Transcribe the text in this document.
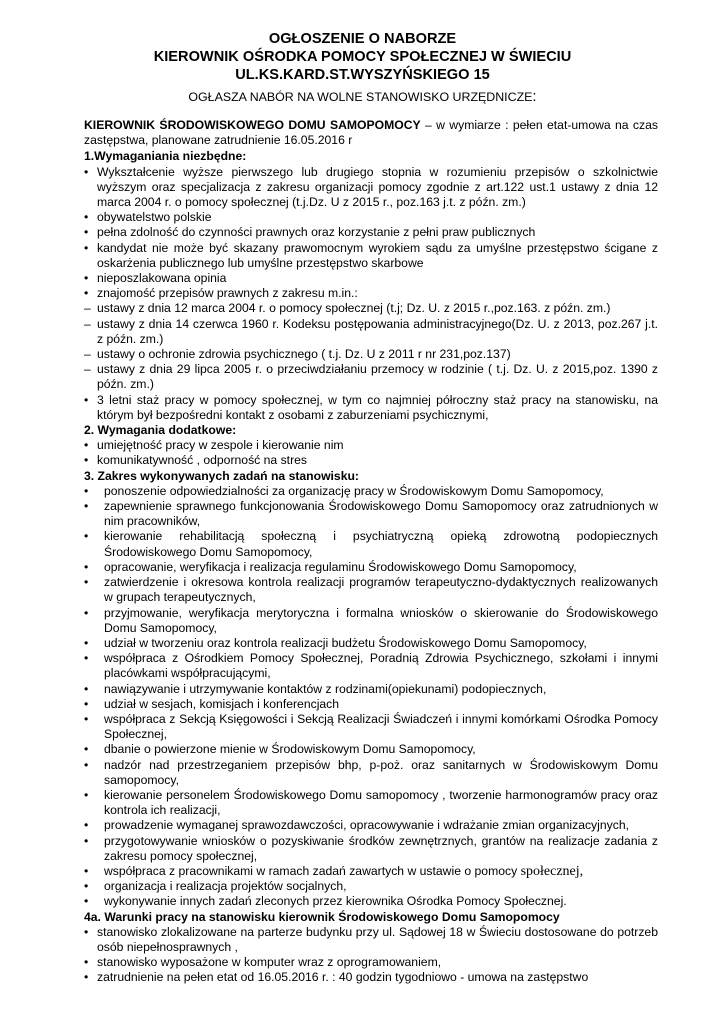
OGŁOSZENIE O NABORZE

KIEROWNIK OŚRODKA POMOCY SPOŁECZNEJ W ŚWIECIU

UL.KS.KARD.ST.WYSZYŃSKIEGO 15

OGŁASZA NABÓR NA WOLNE STANOWISKO URZĘDNICZE:
KIEROWNIK ŚRODOWISKOWEGO DOMU SAMOPOMOCY – w wymiarze : pełen etat-umowa na czas zastępstwa, planowane zatrudnienie 16.05.2016 r

1.Wymaganiania niezbędne:

• Wykształcenie wyższe pierwszego lub drugiego stopnia w rozumieniu przepisów o szkolnictwie wyższym oraz specjalizacja z zakresu organizacji pomocy zgodnie z art.122 ust.1 ustawy z dnia 12 marca 2004 r. o pomocy społecznej (t.j.Dz. U z 2015 r., poz.163 j.t. z późn. zm.)
• obywatelstwo polskie
• pełna zdolność do czynności prawnych oraz korzystanie z pełni praw publicznych
• kandydat nie może być skazany prawomocnym wyrokiem sądu za umyślne przestępstwo ścigane z oskarżenia publicznego lub umyślne przestępstwo skarbowe
• nieposzlakowana opinia
• znajomość przepisów prawnych z zakresu m.in.:
– ustawy z dnia 12 marca 2004 r. o pomocy społecznej (t.j; Dz. U. z 2015 r.,poz.163. z późn. zm.)
– ustawy z dnia 14 czerwca 1960 r. Kodeksu postępowania administracyjnego(Dz. U. z 2013, poz.267 j.t. z późn. zm.)
– ustawy o ochronie zdrowia psychicznego ( t.j. Dz. U z 2011 r nr 231,poz.137)
– ustawy z dnia 29 lipca 2005 r. o przeciwdziałaniu przemocy w rodzinie ( t.j. Dz. U. z 2015,poz. 1390 z późn. zm.)
• 3 letni staż pracy w pomocy społecznej, w tym co najmniej półroczny staż pracy na stanowisku, na którym był bezpośredni kontakt z osobami z zaburzeniami psychicznymi,

2. Wymagania dodatkowe:

• umiejętność pracy w zespole i kierowanie nim
• komunikatywność , odporność na stres

3. Zakres wykonywanych zadań na stanowisku:

•	ponoszenie odpowiedzialności za organizację pracy w Środowiskowym Domu Samopomocy,
•	zapewnienie sprawnego funkcjonowania Środowiskowego Domu Samopomocy oraz zatrudnionych w nim pracowników,
•	kierowanie rehabilitacją społeczną i psychiatryczną opieką zdrowotną podopiecznych Środowiskowego Domu Samopomocy,
•	opracowanie, weryfikacja i realizacja regulaminu Środowiskowego Domu Samopomocy,
•	zatwierdzenie i okresowa kontrola realizacji programów terapeutyczno-dydaktycznych realizowanych w grupach terapeutycznych,
•	przyjmowanie, weryfikacja merytoryczna i formalna wniosków o skierowanie do Środowiskowego Domu Samopomocy,
•	udział w tworzeniu oraz kontrola realizacji budżetu Środowiskowego Domu Samopomocy,
•	współpraca z Ośrodkiem Pomocy Społecznej, Poradnią Zdrowia Psychicznego, szkołami i innymi placówkami współpracującymi,
•	nawiązywanie i utrzymywanie kontaktów z rodzinami(opiekunami) podopiecznych,
•	udział w sesjach, komisjach i konferencjach
•	współpraca z Sekcją Księgowości i Sekcją Realizacji Świadczeń i innymi komórkami Ośrodka Pomocy Społecznej,
•	dbanie o powierzone mienie w Środowiskowym Domu Samopomocy,
•	nadzór nad przestrzeganiem przepisów bhp, p-poż. oraz sanitarnych w Środowiskowym Domu samopomocy,
•	kierowanie personelem Środowiskowego Domu samopomocy , tworzenie harmonogramów pracy oraz kontrola ich realizacji,
•	prowadzenie wymaganej sprawozdawczości, opracowywanie i wdrażanie zmian organizacyjnych,
•	przygotowywanie wniosków o pozyskiwanie środków zewnętrznych, grantów na realizacje zadania z zakresu pomocy społecznej,
•	współpraca z pracownikami w ramach zadań zawartych w ustawie o pomocy społecznej,
•	organizacja i realizacja projektów socjalnych,
•	wykonywanie innych zadań zleconych przez kierownika Ośrodka Pomocy Społecznej.

4a. Warunki pracy na stanowisku kierownik Środowiskowego Domu Samopomocy

• stanowisko zlokalizowane na parterze budynku przy ul. Sądowej 18 w Świeciu dostosowane do potrzeb osób niepełnosprawnych ,
• stanowisko wyposażone w komputer wraz z oprogramowaniem,
• zatrudnienie na pełen etat od 16.05.2016 r. : 40 godzin tygodniowo - umowa na zastępstwo
